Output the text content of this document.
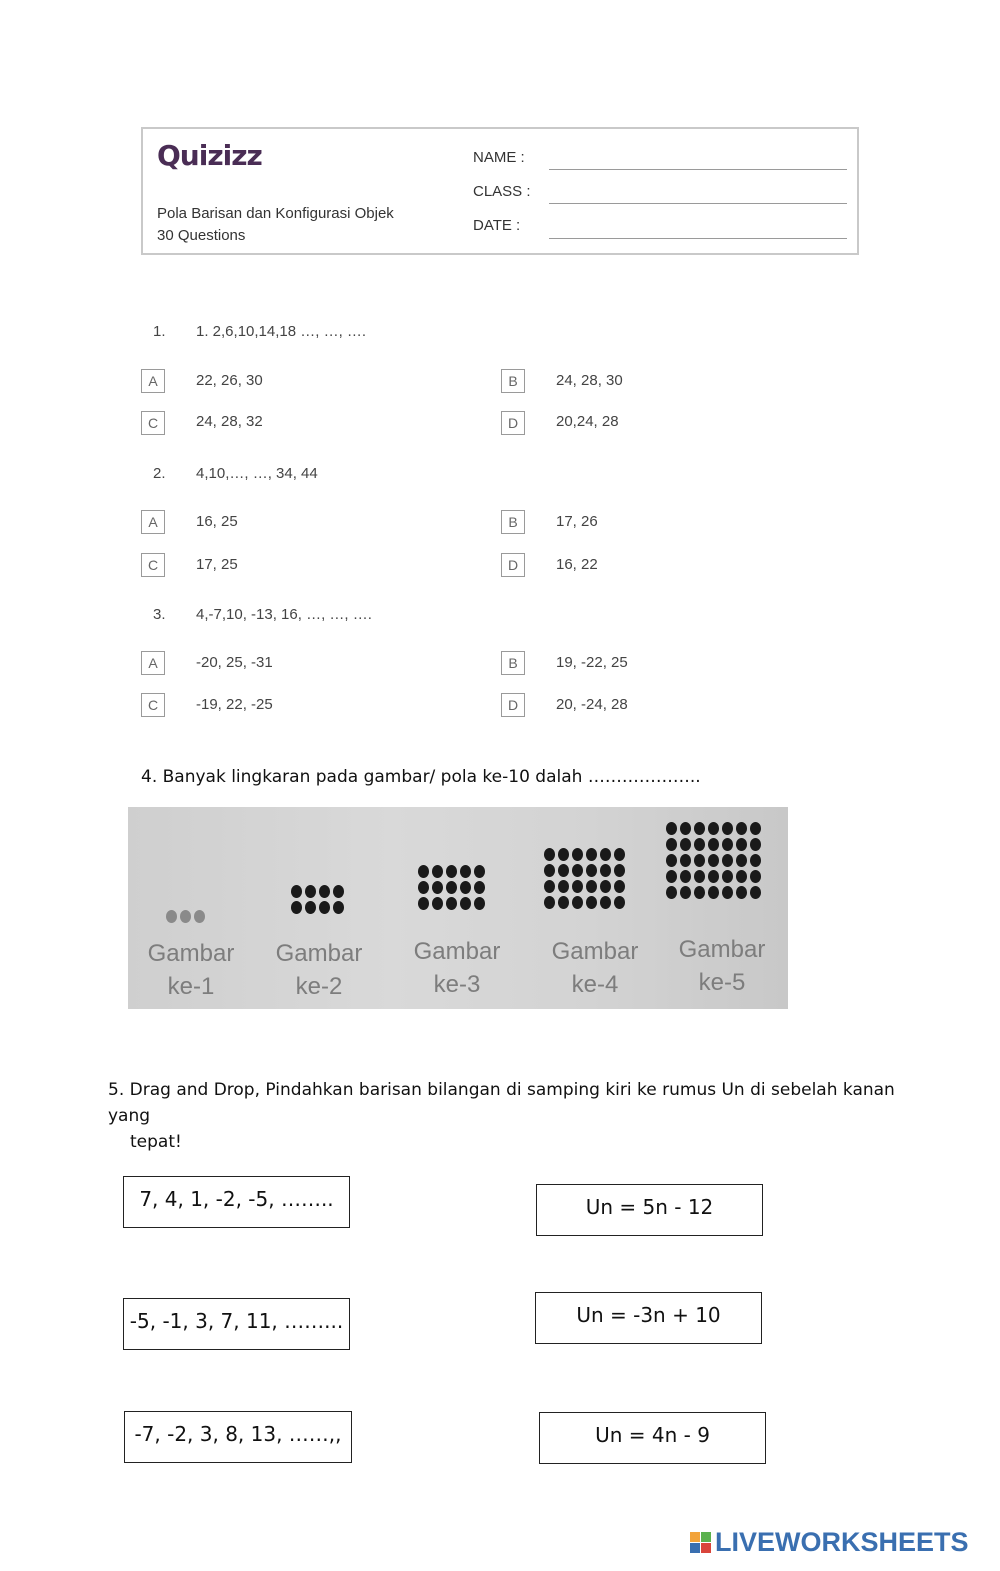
Quizizz
Pola Barisan dan Konfigurasi Objek
30 Questions
NAME :
CLASS :
DATE :
1. 1. 2,6,10,14,18 …, …, ….
A	22, 26, 30	B	24, 28, 30
C	24, 28, 32	D	20,24, 28
2. 4,10,…, …, 34, 44
A	16, 25	B	17, 26
C	17, 25	D	16, 22
3. 4,-7,10, -13, 16, …, …, ….
A	-20, 25, -31	B	19, -22, 25
C	-19, 22, -25	D	20, -24, 28
4. Banyak lingkaran pada gambar/ pola ke-10 dalah ………………..
Gambar
ke-1
Gambar
ke-2
Gambar
ke-3
Gambar
ke-4
Gambar
ke-5
5. Drag and Drop, Pindahkan barisan bilangan di samping kiri ke rumus Un di sebelah kanan yang
tepat!
7, 4, 1, -2, -5, ……..
-5, -1, 3, 7, 11, ……...
-7, -2, 3, 8, 13, ……,,
Un = 5n - 12
Un = -3n + 10
Un = 4n - 9
LIVEWORKSHEETS
